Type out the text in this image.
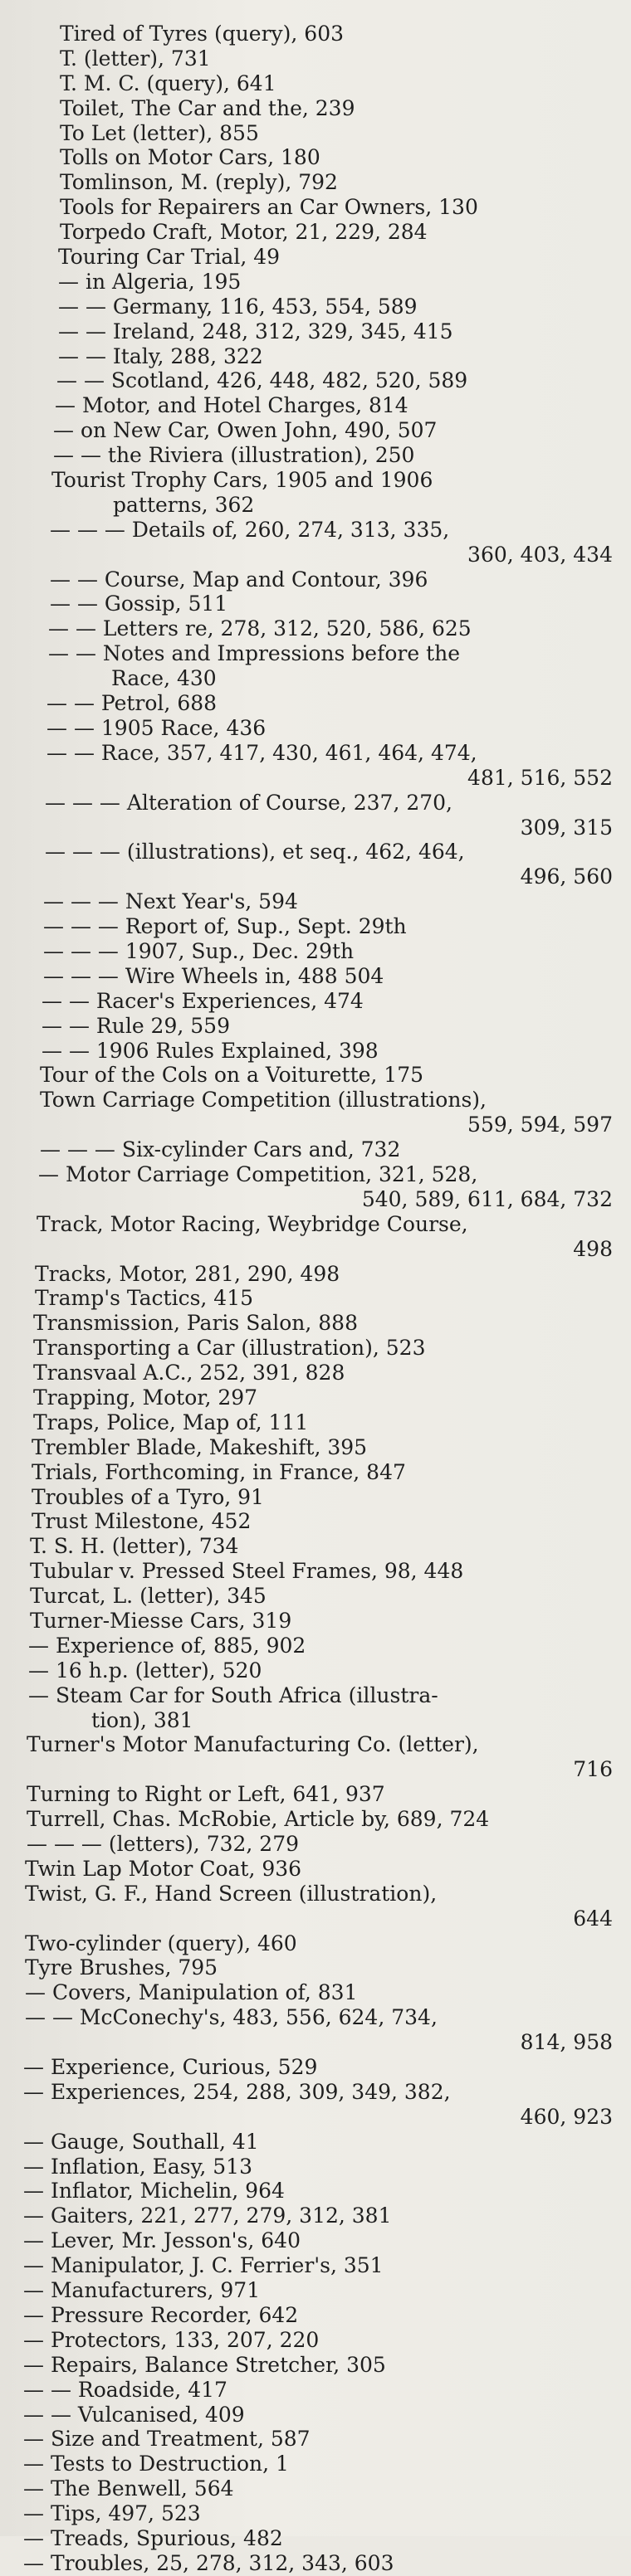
Tired of Tyres (query), 603
T. (letter), 731
T. M. C. (query), 641
Toilet, The Car and the, 239
To Let (letter), 855
Tolls on Motor Cars, 180
Tomlinson, M. (reply), 792
Tools for Repairers an Car Owners, 130
Torpedo Craft, Motor, 21, 229, 284
Touring Car Trial, 49
— in Algeria, 195
— — Germany, 116, 453, 554, 589
— — Ireland, 248, 312, 329, 345, 415
— — Italy, 288, 322
— — Scotland, 426, 448, 482, 520, 589
— Motor, and Hotel Charges, 814
— on New Car, Owen John, 490, 507
— — the Riviera (illustration), 250
Tourist Trophy Cars, 1905 and 1906
patterns, 362
— — — Details of, 260, 274, 313, 335,
360, 403, 434
— — Course, Map and Contour, 396
— — Gossip, 511
— — Letters re, 278, 312, 520, 586, 625
— — Notes and Impressions before the
Race, 430
— — Petrol, 688
— — 1905 Race, 436
— — Race, 357, 417, 430, 461, 464, 474,
481, 516, 552
— — — Alteration of Course, 237, 270,
309, 315
— — — (illustrations), et seq., 462, 464,
496, 560
— — — Next Year's, 594
— — — Report of, Sup., Sept. 29th
— — — 1907, Sup., Dec. 29th
— — — Wire Wheels in, 488 504
— — Racer's Experiences, 474
— — Rule 29, 559
— — 1906 Rules Explained, 398
Tour of the Cols on a Voiturette, 175
Town Carriage Competition (illustrations),
559, 594, 597
— — — Six-cylinder Cars and, 732
— Motor Carriage Competition, 321, 528,
540, 589, 611, 684, 732
Track, Motor Racing, Weybridge Course,
498
Tracks, Motor, 281, 290, 498
Tramp's Tactics, 415
Transmission, Paris Salon, 888
Transporting a Car (illustration), 523
Transvaal A.C., 252, 391, 828
Trapping, Motor, 297
Traps, Police, Map of, 111
Trembler Blade, Makeshift, 395
Trials, Forthcoming, in France, 847
Troubles of a Tyro, 91
Trust Milestone, 452
T. S. H. (letter), 734
Tubular v. Pressed Steel Frames, 98, 448
Turcat, L. (letter), 345
Turner-Miesse Cars, 319
— Experience of, 885, 902
— 16 h.p. (letter), 520
— Steam Car for South Africa (illustra-
tion), 381
Turner's Motor Manufacturing Co. (letter),
716
Turning to Right or Left, 641, 937
Turrell, Chas. McRobie, Article by, 689, 724
— — — (letters), 732, 279
Twin Lap Motor Coat, 936
Twist, G. F., Hand Screen (illustration),
644
Two-cylinder (query), 460
Tyre Brushes, 795
— Covers, Manipulation of, 831
— — McConechy's, 483, 556, 624, 734,
814, 958
— Experience, Curious, 529
— Experiences, 254, 288, 309, 349, 382,
460, 923
— Gauge, Southall, 41
— Inflation, Easy, 513
— Inflator, Michelin, 964
— Gaiters, 221, 277, 279, 312, 381
— Lever, Mr. Jesson's, 640
— Manipulator, J. C. Ferrier's, 351
— Manufacturers, 971
— Pressure Recorder, 642
— Protectors, 133, 207, 220
— Repairs, Balance Stretcher, 305
— — Roadside, 417
— — Vulcanised, 409
— Size and Treatment, 587
— Tests to Destruction, 1
— The Benwell, 564
— Tips, 497, 523
— Treads, Spurious, 482
— Troubles, 25, 278, 312, 343, 603
